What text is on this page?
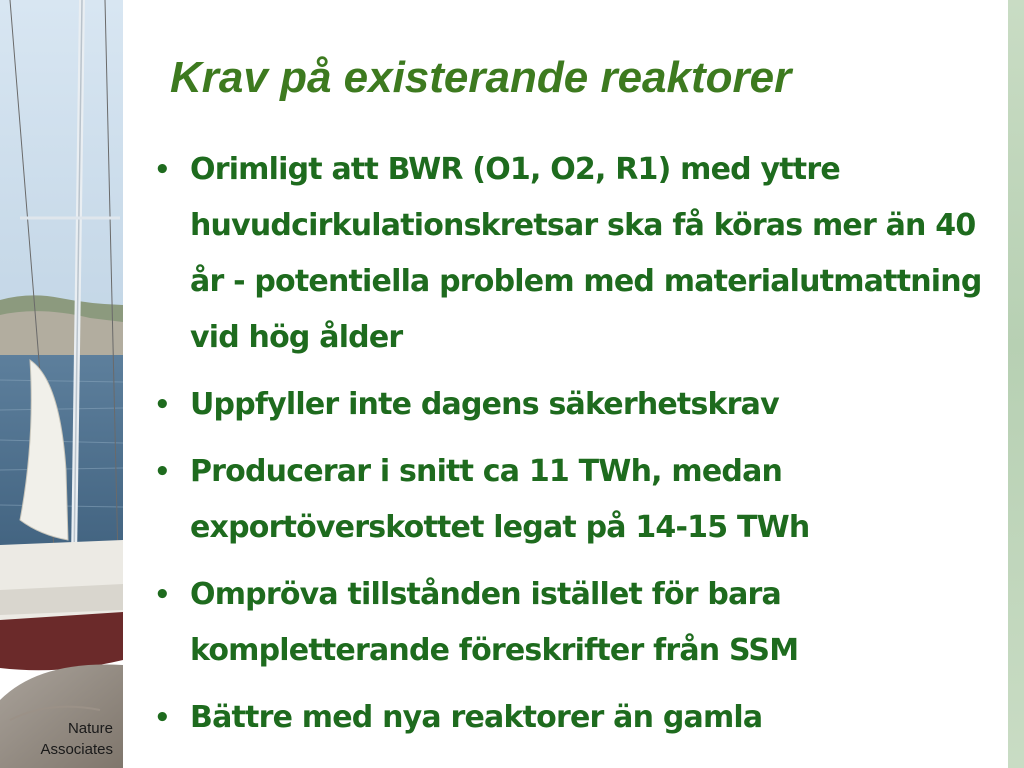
Nature
Associates
Krav på existerande reaktorer
• Orimligt att BWR (O1, O2, R1) med yttre huvudcirkulationskretsar ska få köras mer än 40 år - potentiella problem med materialutmattning vid hög ålder
• Uppfyller inte dagens säkerhetskrav
• Producerar i snitt ca 11 TWh, medan exportöverskottet legat på 14-15 TWh
• Ompröva tillstånden istället för bara kompletterande föreskrifter från SSM
• Bättre med nya reaktorer än gamla
